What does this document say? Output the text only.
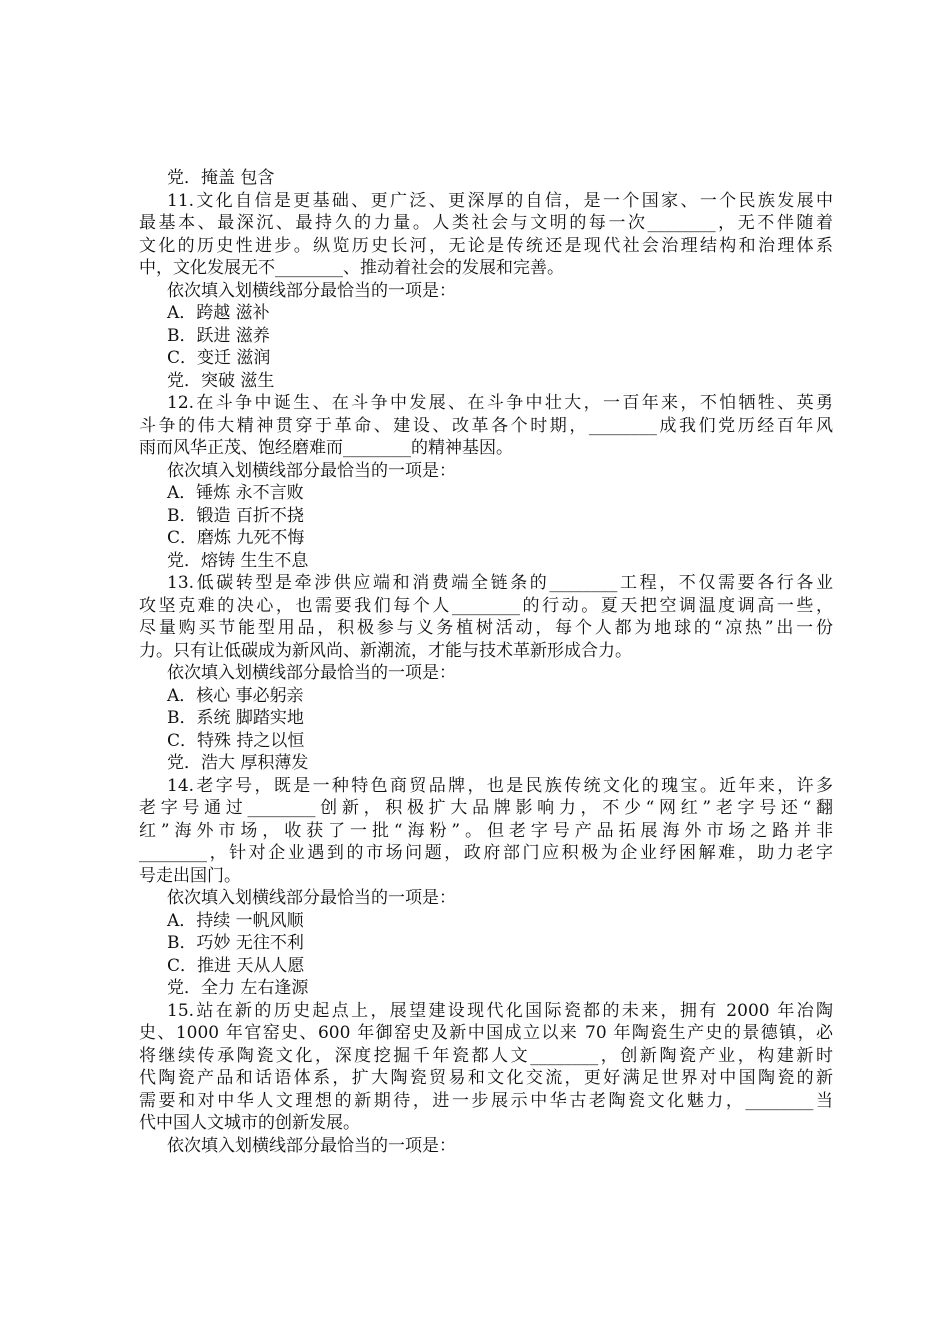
党．掩盖 包含
11.文化自信是更基础、更广泛、更深厚的自信，是一个国家、一个民族发展中
最基本、最深沉、最持久的力量。人类社会与文明的每一次________，无不伴随着
文化的历史性进步。纵览历史长河，无论是传统还是现代社会治理结构和治理体系
中，文化发展无不________、推动着社会的发展和完善。
依次填入划横线部分最恰当的一项是：
A．跨越 滋补
B．跃进 滋养
C．变迁 滋润
党．突破 滋生
12.在斗争中诞生、在斗争中发展、在斗争中壮大，一百年来，不怕牺牲、英勇
斗争的伟大精神贯穿于革命、建设、改革各个时期，________成我们党历经百年风
雨而风华正茂、饱经磨难而________的精神基因。
依次填入划横线部分最恰当的一项是：
A．锤炼 永不言败
B．锻造 百折不挠
C．磨炼 九死不悔
党．熔铸 生生不息
13.低碳转型是牵涉供应端和消费端全链条的________工程，不仅需要各行各业
攻坚克难的决心，也需要我们每个人________的行动。夏天把空调温度调高一些，
尽量购买节能型用品，积极参与义务植树活动，每个人都为地球的“凉热”出一份
力。只有让低碳成为新风尚、新潮流，才能与技术革新形成合力。
依次填入划横线部分最恰当的一项是：
A．核心 事必躬亲
B．系统 脚踏实地
C．特殊 持之以恒
党．浩大 厚积薄发
14.老字号，既是一种特色商贸品牌，也是民族传统文化的瑰宝。近年来，许多
老字号通过________创新，积极扩大品牌影响力，不少“网红”老字号还“翻
红”海外市场，收获了一批“海粉”。但老字号产品拓展海外市场之路并非
________，针对企业遇到的市场问题，政府部门应积极为企业纾困解难，助力老字
号走出国门。
依次填入划横线部分最恰当的一项是：
A．持续 一帆风顺
B．巧妙 无往不利
C．推进 天从人愿
党．全力 左右逢源
15.站在新的历史起点上，展望建设现代化国际瓷都的未来，拥有 2000 年冶陶
史、1000 年官窑史、600 年御窑史及新中国成立以来 70 年陶瓷生产史的景德镇，必
将继续传承陶瓷文化，深度挖掘千年瓷都人文________，创新陶瓷产业，构建新时
代陶瓷产品和话语体系，扩大陶瓷贸易和文化交流，更好满足世界对中国陶瓷的新
需要和对中华人文理想的新期待，进一步展示中华古老陶瓷文化魅力，________当
代中国人文城市的创新发展。
依次填入划横线部分最恰当的一项是：
